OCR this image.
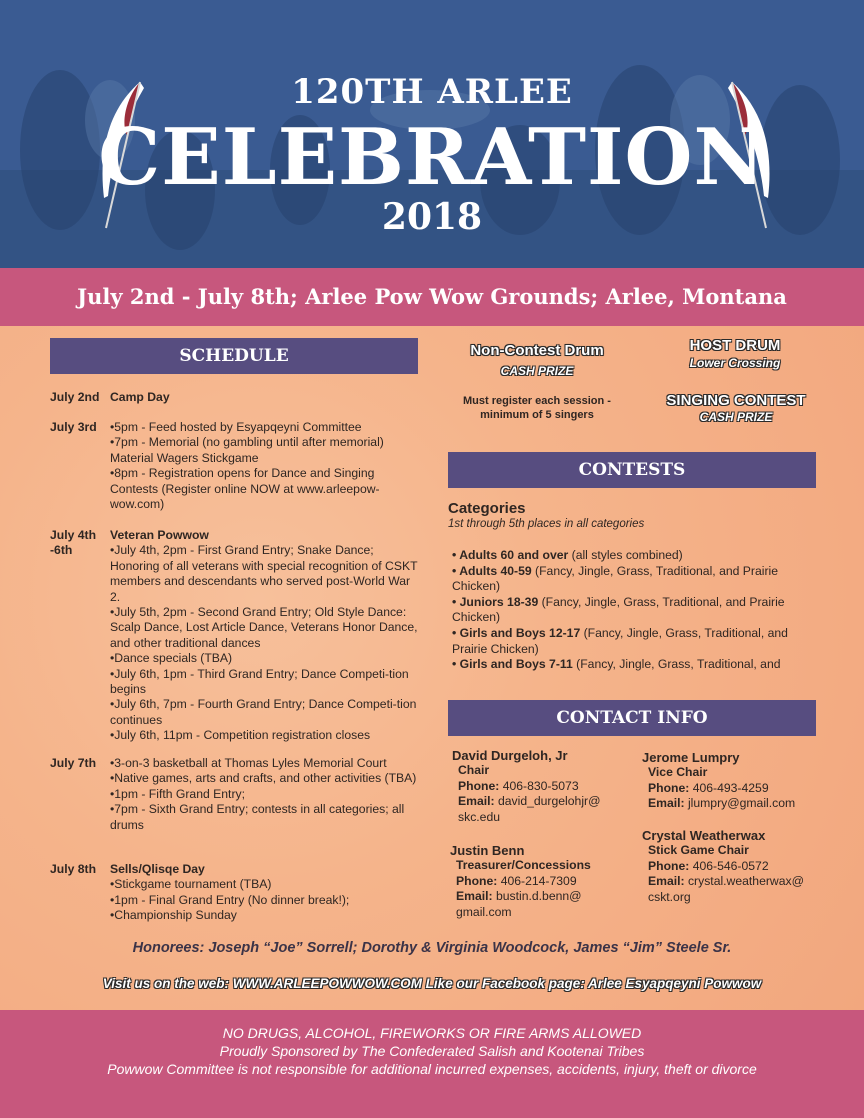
120TH ARLEE
CELEBRATION
2018
July 2nd - July 8th; Arlee Pow Wow Grounds; Arlee, Montana
SCHEDULE
July 2nd Camp Day
July 3rd	•5pm - Feed hosted by Esyapqeyni Committee
•7pm - Memorial (no gambling until after memorial)
Material Wagers Stickgame
•8pm - Registration opens for Dance and Singing Contests (Register online NOW at www.arleepow-wow.com)
July 4th -6th
Veteran Powwow
•July 4th, 2pm - First Grand Entry; Snake Dance; Honoring of all veterans with special recognition of CSKT members and descendants who served post-World War 2.
•July 5th, 2pm - Second Grand Entry; Old Style Dance: Scalp Dance, Lost Article Dance, Veterans Honor Dance, and other traditional dances
•Dance specials (TBA)
•July 6th, 1pm - Third Grand Entry; Dance Competi-tion begins
•July 6th, 7pm - Fourth Grand Entry; Dance Competi-tion continues
•July 6th, 11pm - Competition registration closes
July 7th	•3-on-3 basketball at Thomas Lyles Memorial Court
•Native games, arts and crafts, and other activities (TBA)
•1pm - Fifth Grand Entry;
•7pm - Sixth Grand Entry; contests in all categories; all drums
July 8th	Sells/Qlisqe Day
•Stickgame tournament (TBA)
•1pm - Final Grand Entry (No dinner break!);
•Championship Sunday
Non-Contest Drum
CASH PRIZE
Must register each session - minimum of 5 singers
HOST DRUM
Lower Crossing
SINGING CONTEST
CASH PRIZE
CONTESTS
Categories
1st through 5th places in all categories
• Adults 60 and over (all styles combined)
• Adults 40-59 (Fancy, Jingle, Grass, Traditional, and Prairie Chicken)
• Juniors 18-39 (Fancy, Jingle, Grass, Traditional, and Prairie Chicken)
• Girls and Boys 12-17 (Fancy, Jingle, Grass, Traditional, and Prairie Chicken)
• Girls and Boys 7-11 (Fancy, Jingle, Grass, Traditional, and
CONTACT INFO
David Durgeloh, Jr
Chair
Phone: 406-830-5073
Email: david_durgelohjr@
skc.edu
Jerome Lumpry
Vice Chair
Phone: 406-493-4259
Email: jlumpry@gmail.com
Justin Benn
Treasurer/Concessions
Phone: 406-214-7309
Email: bustin.d.benn@
gmail.com
Crystal Weatherwax
Stick Game Chair
Phone: 406-546-0572
Email: crystal.weatherwax@
cskt.org
Honorees: Joseph “Joe” Sorrell; Dorothy & Virginia Woodcock, James “Jim” Steele Sr.
Visit us on the web: WWW.ARLEEPOWWOW.COM Like our Facebook page: Arlee Esyapqeyni Powwow
NO DRUGS, ALCOHOL, FIREWORKS OR FIRE ARMS ALLOWED
Proudly Sponsored by The Confederated Salish and Kootenai Tribes
Powwow Committee is not responsible for additional incurred expenses, accidents, injury, theft or divorce
